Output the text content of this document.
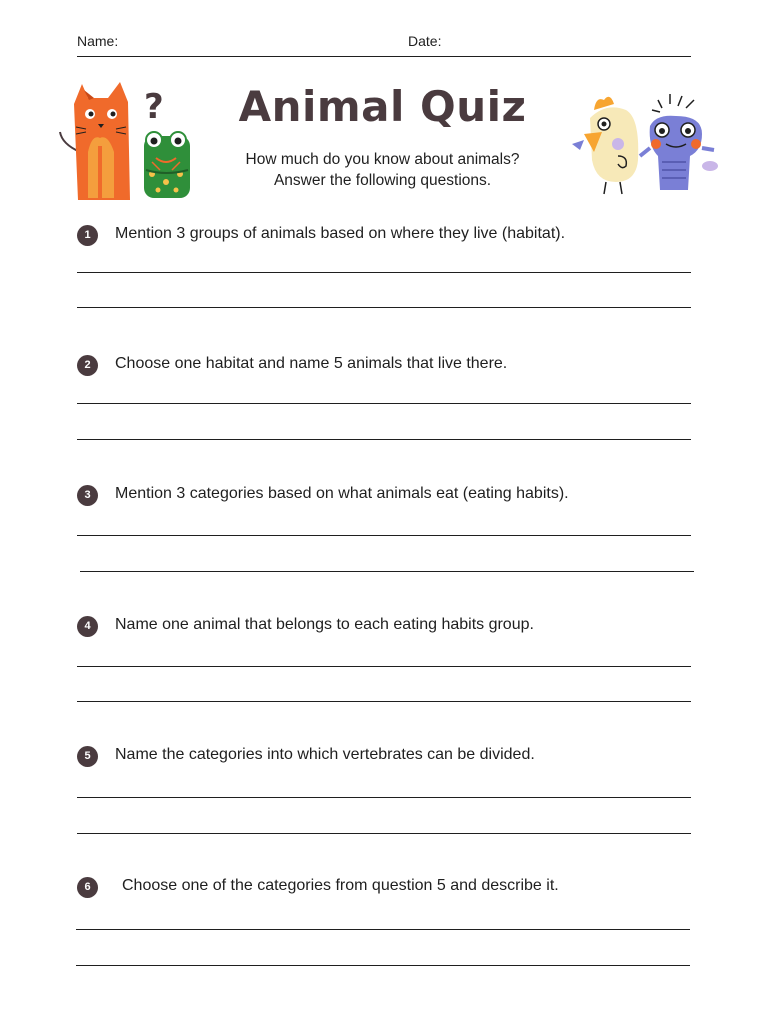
Name:	Date:
?	Animal Quiz
How much do you know about animals?
Answer the following questions.
1	Mention 3 groups of animals based on where they live (habitat).
2	Choose one habitat and name 5 animals that live there.
3	Mention 3 categories based on what animals eat (eating habits).
4	Name one animal that belongs to each eating habits group.
5	Name the categories into which vertebrates can be divided.
6	Choose one of the categories from question 5 and describe it.
